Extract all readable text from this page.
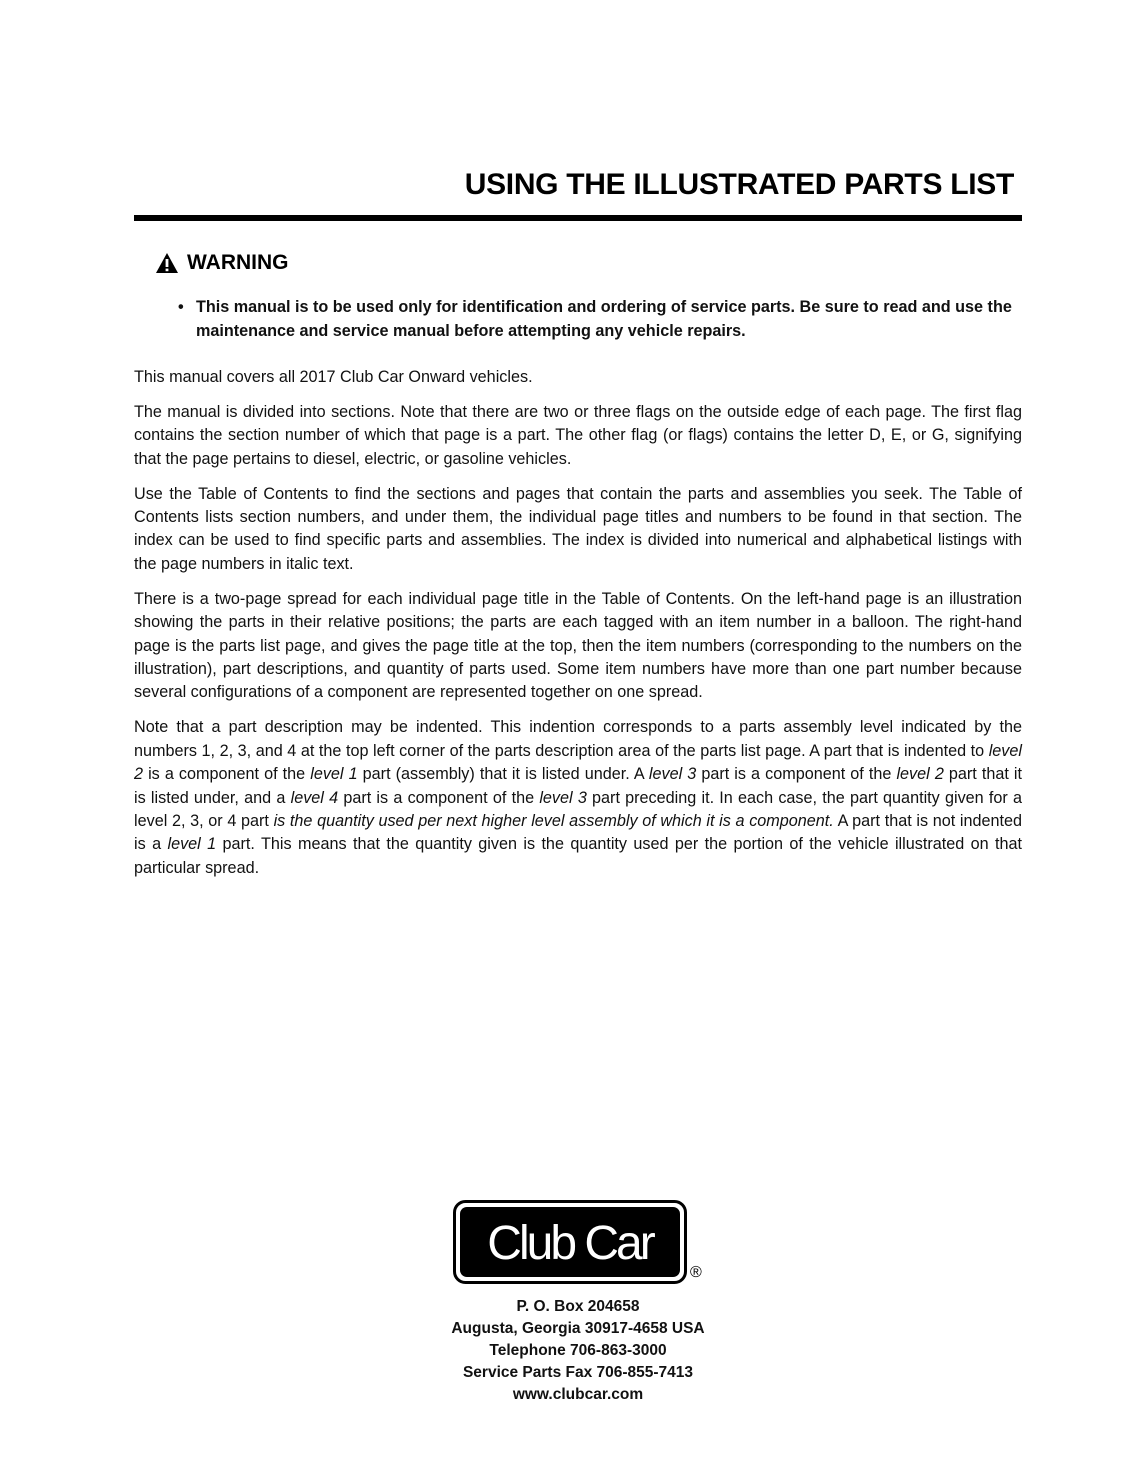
USING THE ILLUSTRATED PARTS LIST
WARNING
• This manual is to be used only for identification and ordering of service parts. Be sure to read and use the maintenance and service manual before attempting any vehicle repairs.

This manual covers all 2017 Club Car Onward vehicles.

The manual is divided into sections. Note that there are two or three flags on the outside edge of each page. The first flag contains the section number of which that page is a part. The other flag (or flags) contains the letter D, E, or G, signifying that the page pertains to diesel, electric, or gasoline vehicles.

Use the Table of Contents to find the sections and pages that contain the parts and assemblies you seek. The Table of Contents lists section numbers, and under them, the individual page titles and numbers to be found in that section. The index can be used to find specific parts and assemblies. The index is divided into numerical and alphabetical listings with the page numbers in italic text.

There is a two-page spread for each individual page title in the Table of Contents. On the left-hand page is an illustration showing the parts in their relative positions; the parts are each tagged with an item number in a balloon. The right-hand page is the parts list page, and gives the page title at the top, then the item numbers (corresponding to the numbers on the illustration), part descriptions, and quantity of parts used. Some item numbers have more than one part number because several configurations of a component are represented together on one spread.

Note that a part description may be indented. This indention corresponds to a parts assembly level indicated by the numbers 1, 2, 3, and 4 at the top left corner of the parts description area of the parts list page. A part that is indented to level 2 is a component of the level 1 part (assembly) that it is listed under. A level 3 part is a component of the level 2 part that it is listed under, and a level 4 part is a component of the level 3 part preceding it. In each case, the part quantity given for a level 2, 3, or 4 part is the quantity used per next higher level assembly of which it is a component. A part that is not indented is a level 1 part. This means that the quantity given is the quantity used per the portion of the vehicle illustrated on that particular spread.

Club Car
®
P. O. Box 204658
Augusta, Georgia 30917-4658 USA
Telephone 706-863-3000
Service Parts Fax 706-855-7413
www.clubcar.com
